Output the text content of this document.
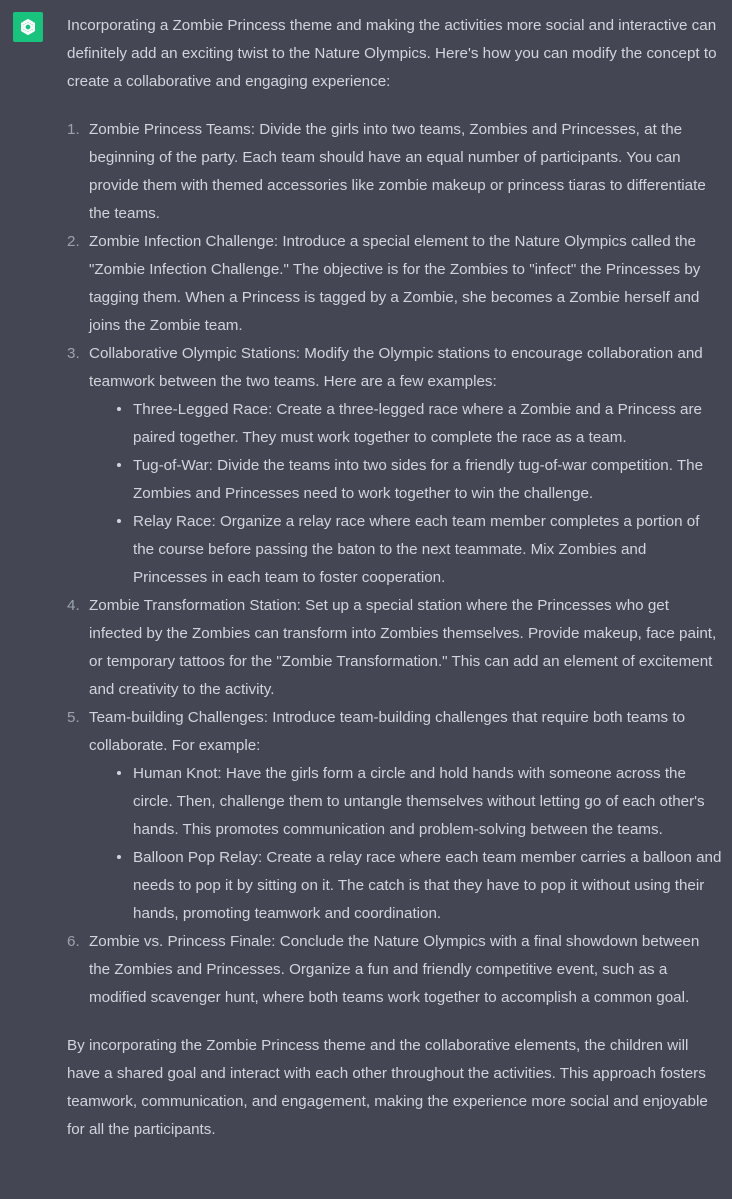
Incorporating a Zombie Princess theme and making the activities more social and interactive can definitely add an exciting twist to the Nature Olympics. Here's how you can modify the concept to create a collaborative and engaging experience:

1. Zombie Princess Teams: Divide the girls into two teams, Zombies and Princesses, at the beginning of the party. Each team should have an equal number of participants. You can provide them with themed accessories like zombie makeup or princess tiaras to differentiate the teams.
2. Zombie Infection Challenge: Introduce a special element to the Nature Olympics called the "Zombie Infection Challenge." The objective is for the Zombies to "infect" the Princesses by tagging them. When a Princess is tagged by a Zombie, she becomes a Zombie herself and joins the Zombie team.
3. Collaborative Olympic Stations: Modify the Olympic stations to encourage collaboration and teamwork between the two teams. Here are a few examples:
Three-Legged Race: Create a three-legged race where a Zombie and a Princess are paired together. They must work together to complete the race as a team.
Tug-of-War: Divide the teams into two sides for a friendly tug-of-war competition. The Zombies and Princesses need to work together to win the challenge.
Relay Race: Organize a relay race where each team member completes a portion of the course before passing the baton to the next teammate. Mix Zombies and Princesses in each team to foster cooperation.
4. Zombie Transformation Station: Set up a special station where the Princesses who get infected by the Zombies can transform into Zombies themselves. Provide makeup, face paint, or temporary tattoos for the "Zombie Transformation." This can add an element of excitement and creativity to the activity.
5. Team-building Challenges: Introduce team-building challenges that require both teams to collaborate. For example:
Human Knot: Have the girls form a circle and hold hands with someone across the circle. Then, challenge them to untangle themselves without letting go of each other's hands. This promotes communication and problem-solving between the teams.
Balloon Pop Relay: Create a relay race where each team member carries a balloon and needs to pop it by sitting on it. The catch is that they have to pop it without using their hands, promoting teamwork and coordination.
6. Zombie vs. Princess Finale: Conclude the Nature Olympics with a final showdown between the Zombies and Princesses. Organize a fun and friendly competitive event, such as a modified scavenger hunt, where both teams work together to accomplish a common goal.

By incorporating the Zombie Princess theme and the collaborative elements, the children will have a shared goal and interact with each other throughout the activities. This approach fosters teamwork, communication, and engagement, making the experience more social and enjoyable for all the participants.
